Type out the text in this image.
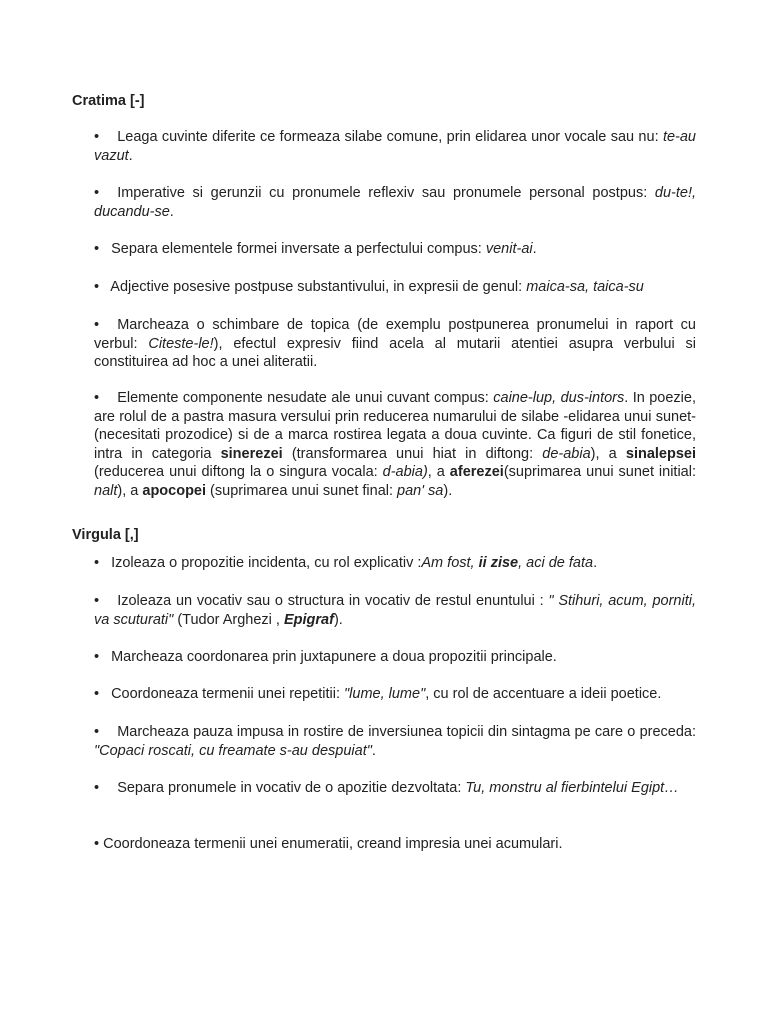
Cratima [-]
• Leaga cuvinte diferite ce formeaza silabe comune, prin elidarea unor vocale sau nu: te-au vazut.
• Imperative si gerunzii cu pronumele reflexiv sau pronumele personal postpus: du-te!, ducandu-se.
• Separa elementele formei inversate a perfectului compus: venit-ai.
• Adjective posesive postpuse substantivului, in expresii de genul: maica-sa, taica-su
• Marcheaza o schimbare de topica (de exemplu postpunerea pronumelui in raport cu verbul: Citeste-le!), efectul expresiv fiind acela al mutarii atentiei asupra verbului si constituirea ad hoc a unei aliteratii.
• Elemente componente nesudate ale unui cuvant compus: caine-lup, dus-intors. In poezie, are rolul de a pastra masura versului prin reducerea numarului de silabe -elidarea unui sunet- (necesitati prozodice) si de a marca rostirea legata a doua cuvinte. Ca figuri de stil fonetice, intra in categoria sinerezei (transformarea unui hiat in diftong: de-abia), a sinalepsei (reducerea unui diftong la o singura vocala: d-abia), a aferezei(suprimarea unui sunet initial: nalt), a apocopei (suprimarea unui sunet final: pan' sa).
Virgula [,]
• Izoleaza o propozitie incidenta, cu rol explicativ :Am fost, ii zise, aci de fata.
• Izoleaza un vocativ sau o structura in vocativ de restul enuntului : " Stihuri, acum, porniti, va scuturati" (Tudor Arghezi , Epigraf).
• Marcheaza coordonarea prin juxtapunere a doua propozitii principale.
• Coordoneaza termenii unei repetitii: "lume, lume", cu rol de accentuare a ideii poetice.
• Marcheaza pauza impusa in rostire de inversiunea topicii din sintagma pe care o preceda: "Copaci roscati, cu freamate s-au despuiat".
• Separa pronumele in vocativ de o apozitie dezvoltata: Tu, monstru al fierbintelui Egipt…
• Coordoneaza termenii unei enumeratii, creand impresia unei acumulari.
